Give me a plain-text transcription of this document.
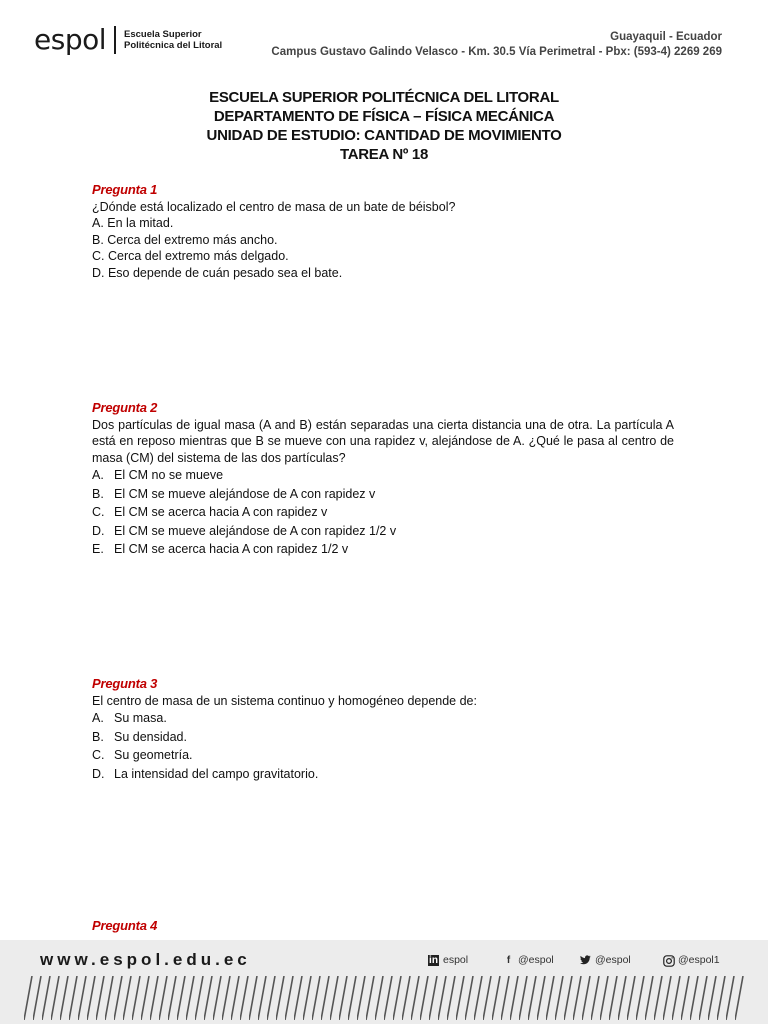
espol Escuela Superior
Politécnica del Litoral
Guayaquil - Ecuador
Campus Gustavo Galindo Velasco - Km. 30.5 Vía Perimetral - Pbx: (593-4) 2269 269
ESCUELA SUPERIOR POLITÉCNICA DEL LITORAL
DEPARTAMENTO DE FÍSICA – FÍSICA MECÁNICA
UNIDAD DE ESTUDIO: CANTIDAD DE MOVIMIENTO
TAREA Nº 18
Pregunta 1
¿Dónde está localizado el centro de masa de un bate de béisbol?
A. En la mitad.
B. Cerca del extremo más ancho.
C. Cerca del extremo más delgado.
D. Eso depende de cuán pesado sea el bate.
Pregunta 2
Dos partículas de igual masa (A and B) están separadas una cierta distancia una de otra. La partícula A está en reposo mientras que B se mueve con una rapidez v, alejándose de A. ¿Qué le pasa al centro de masa (CM) del sistema de las dos partículas?
A. El CM no se mueve
B. El CM se mueve alejándose de A con rapidez v
C. El CM se acerca hacia A con rapidez v
D. El CM se mueve alejándose de A con rapidez 1/2 v
E. El CM se acerca hacia A con rapidez 1/2 v
Pregunta 3
El centro de masa de un sistema continuo y homogéneo depende de:
A. Su masa.
B. Su densidad.
C. Su geometría.
D. La intensidad del campo gravitatorio.
Pregunta 4
www.espol.edu.ec	in espol	f @espol	@espol	@espol1
